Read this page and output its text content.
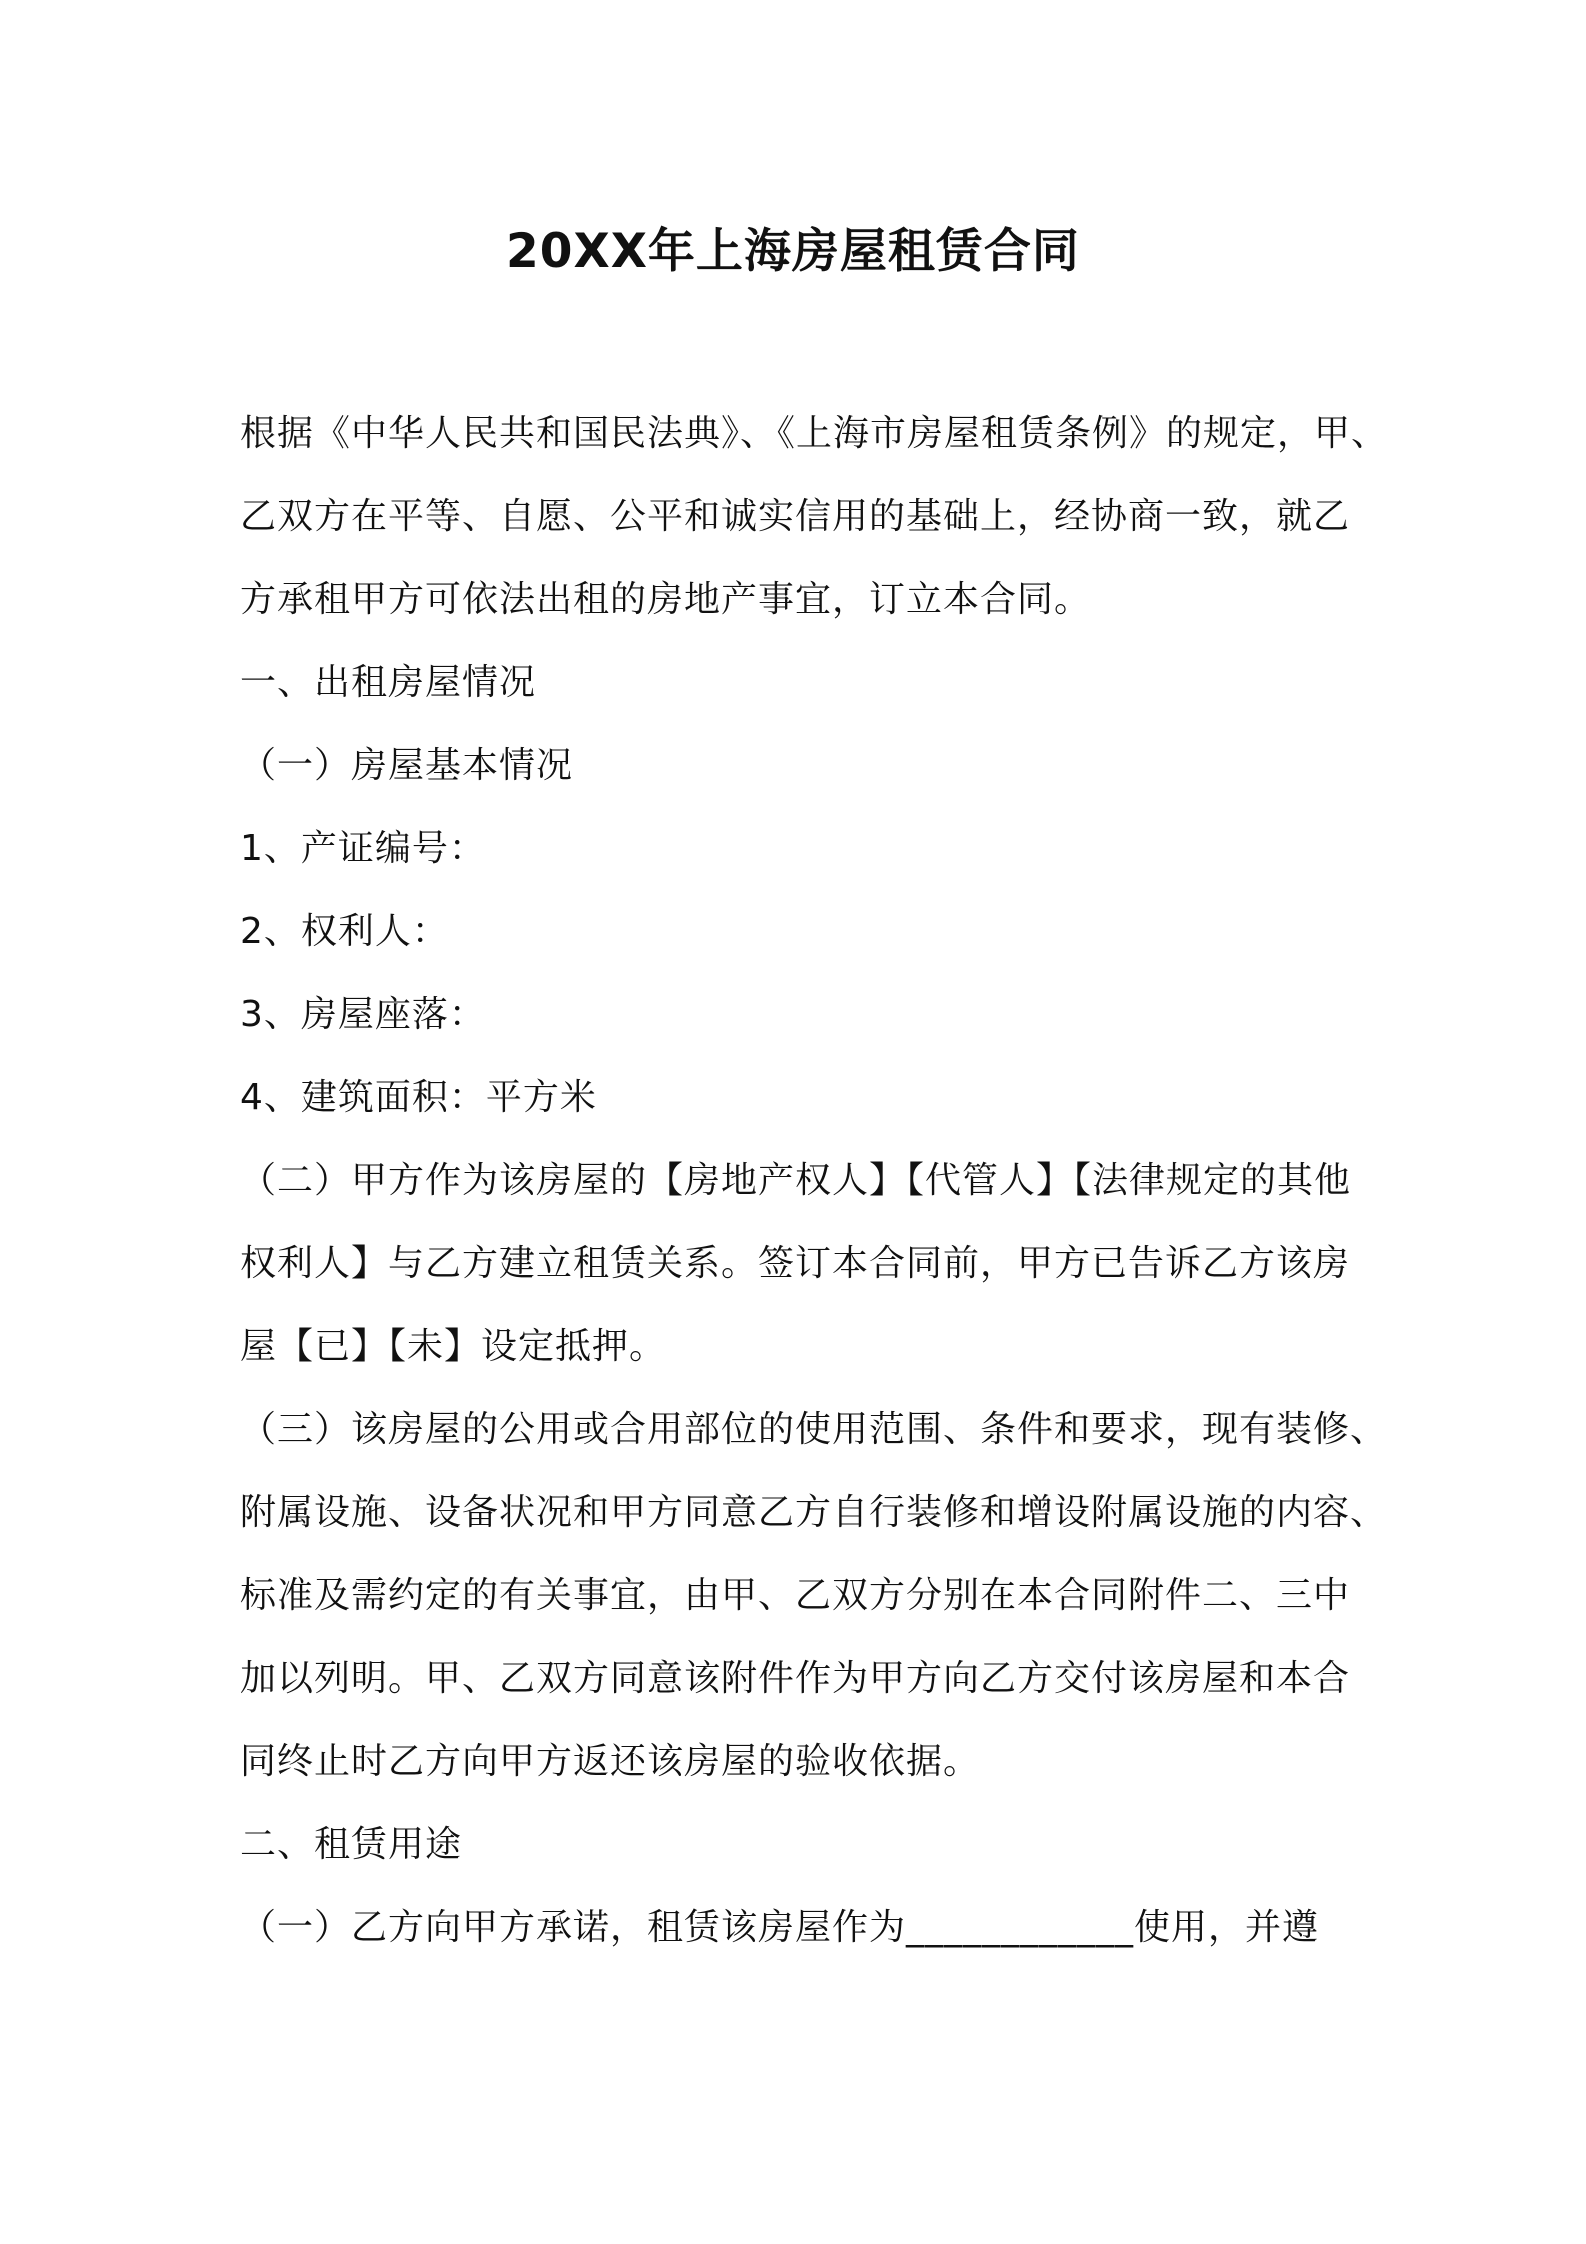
20XX年上海房屋租赁合同
根据《中华人民共和国民法典》、《上海市房屋租赁条例》的规定，甲、
乙双方在平等、自愿、公平和诚实信用的基础上，经协商一致，就乙
方承租甲方可依法出租的房地产事宜，订立本合同。
一、出租房屋情况
（一）房屋基本情况
1、产证编号：
2、权利人：
3、房屋座落：
4、建筑面积：平方米
（二）甲方作为该房屋的【房地产权人】【代管人】【法律规定的其他
权利人】与乙方建立租赁关系。签订本合同前，甲方已告诉乙方该房
屋【已】【未】设定抵押。
（三）该房屋的公用或合用部位的使用范围、条件和要求，现有装修、
附属设施、设备状况和甲方同意乙方自行装修和增设附属设施的内容、
标准及需约定的有关事宜，由甲、乙双方分别在本合同附件二、三中
加以列明。甲、乙双方同意该附件作为甲方向乙方交付该房屋和本合
同终止时乙方向甲方返还该房屋的验收依据。
二、租赁用途
（一）乙方向甲方承诺，租赁该房屋作为____________使用，并遵
